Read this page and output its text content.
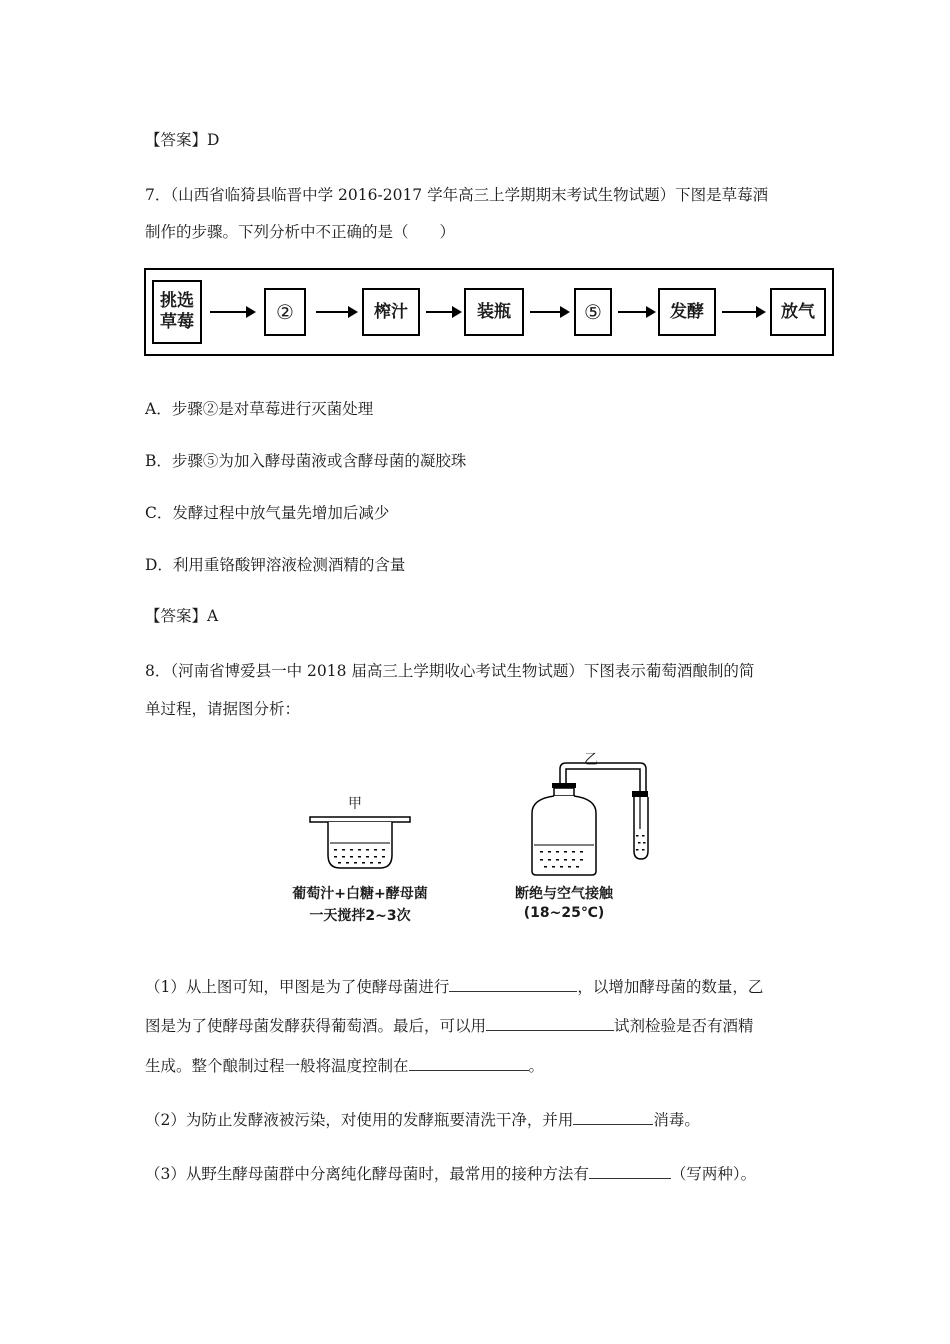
【答案】D
7．（山西省临猗县临晋中学 2016-2017 学年高三上学期期末考试生物试题）下图是草莓酒
制作的步骤。下列分析中不正确的是（　　）
挑选
草莓	②	榨汁	装瓶	⑤	发酵	放气
A．步骤②是对草莓进行灭菌处理
B．步骤⑤为加入酵母菌液或含酵母菌的凝胶珠
C．发酵过程中放气量先增加后减少
D．利用重铬酸钾溶液检测酒精的含量
【答案】A
8．（河南省博爱县一中 2018 届高三上学期收心考试生物试题）下图表示葡萄酒酿制的简
单过程，请据图分析：
甲
乙
葡萄汁+白糖+酵母菌
一天搅拌2~3次
断绝与空气接触
(18~25℃)
（1）从上图可知，甲图是为了使酵母菌进行	，以增加酵母菌的数量，乙
图是为了使酵母菌发酵获得葡萄酒。最后，可以用	试剂检验是否有酒精
生成。整个酿制过程一般将温度控制在	。
（2）为防止发酵液被污染，对使用的发酵瓶要清洗干净，并用	消毒。
（3）从野生酵母菌群中分离纯化酵母菌时，最常用的接种方法有	（写两种）。
